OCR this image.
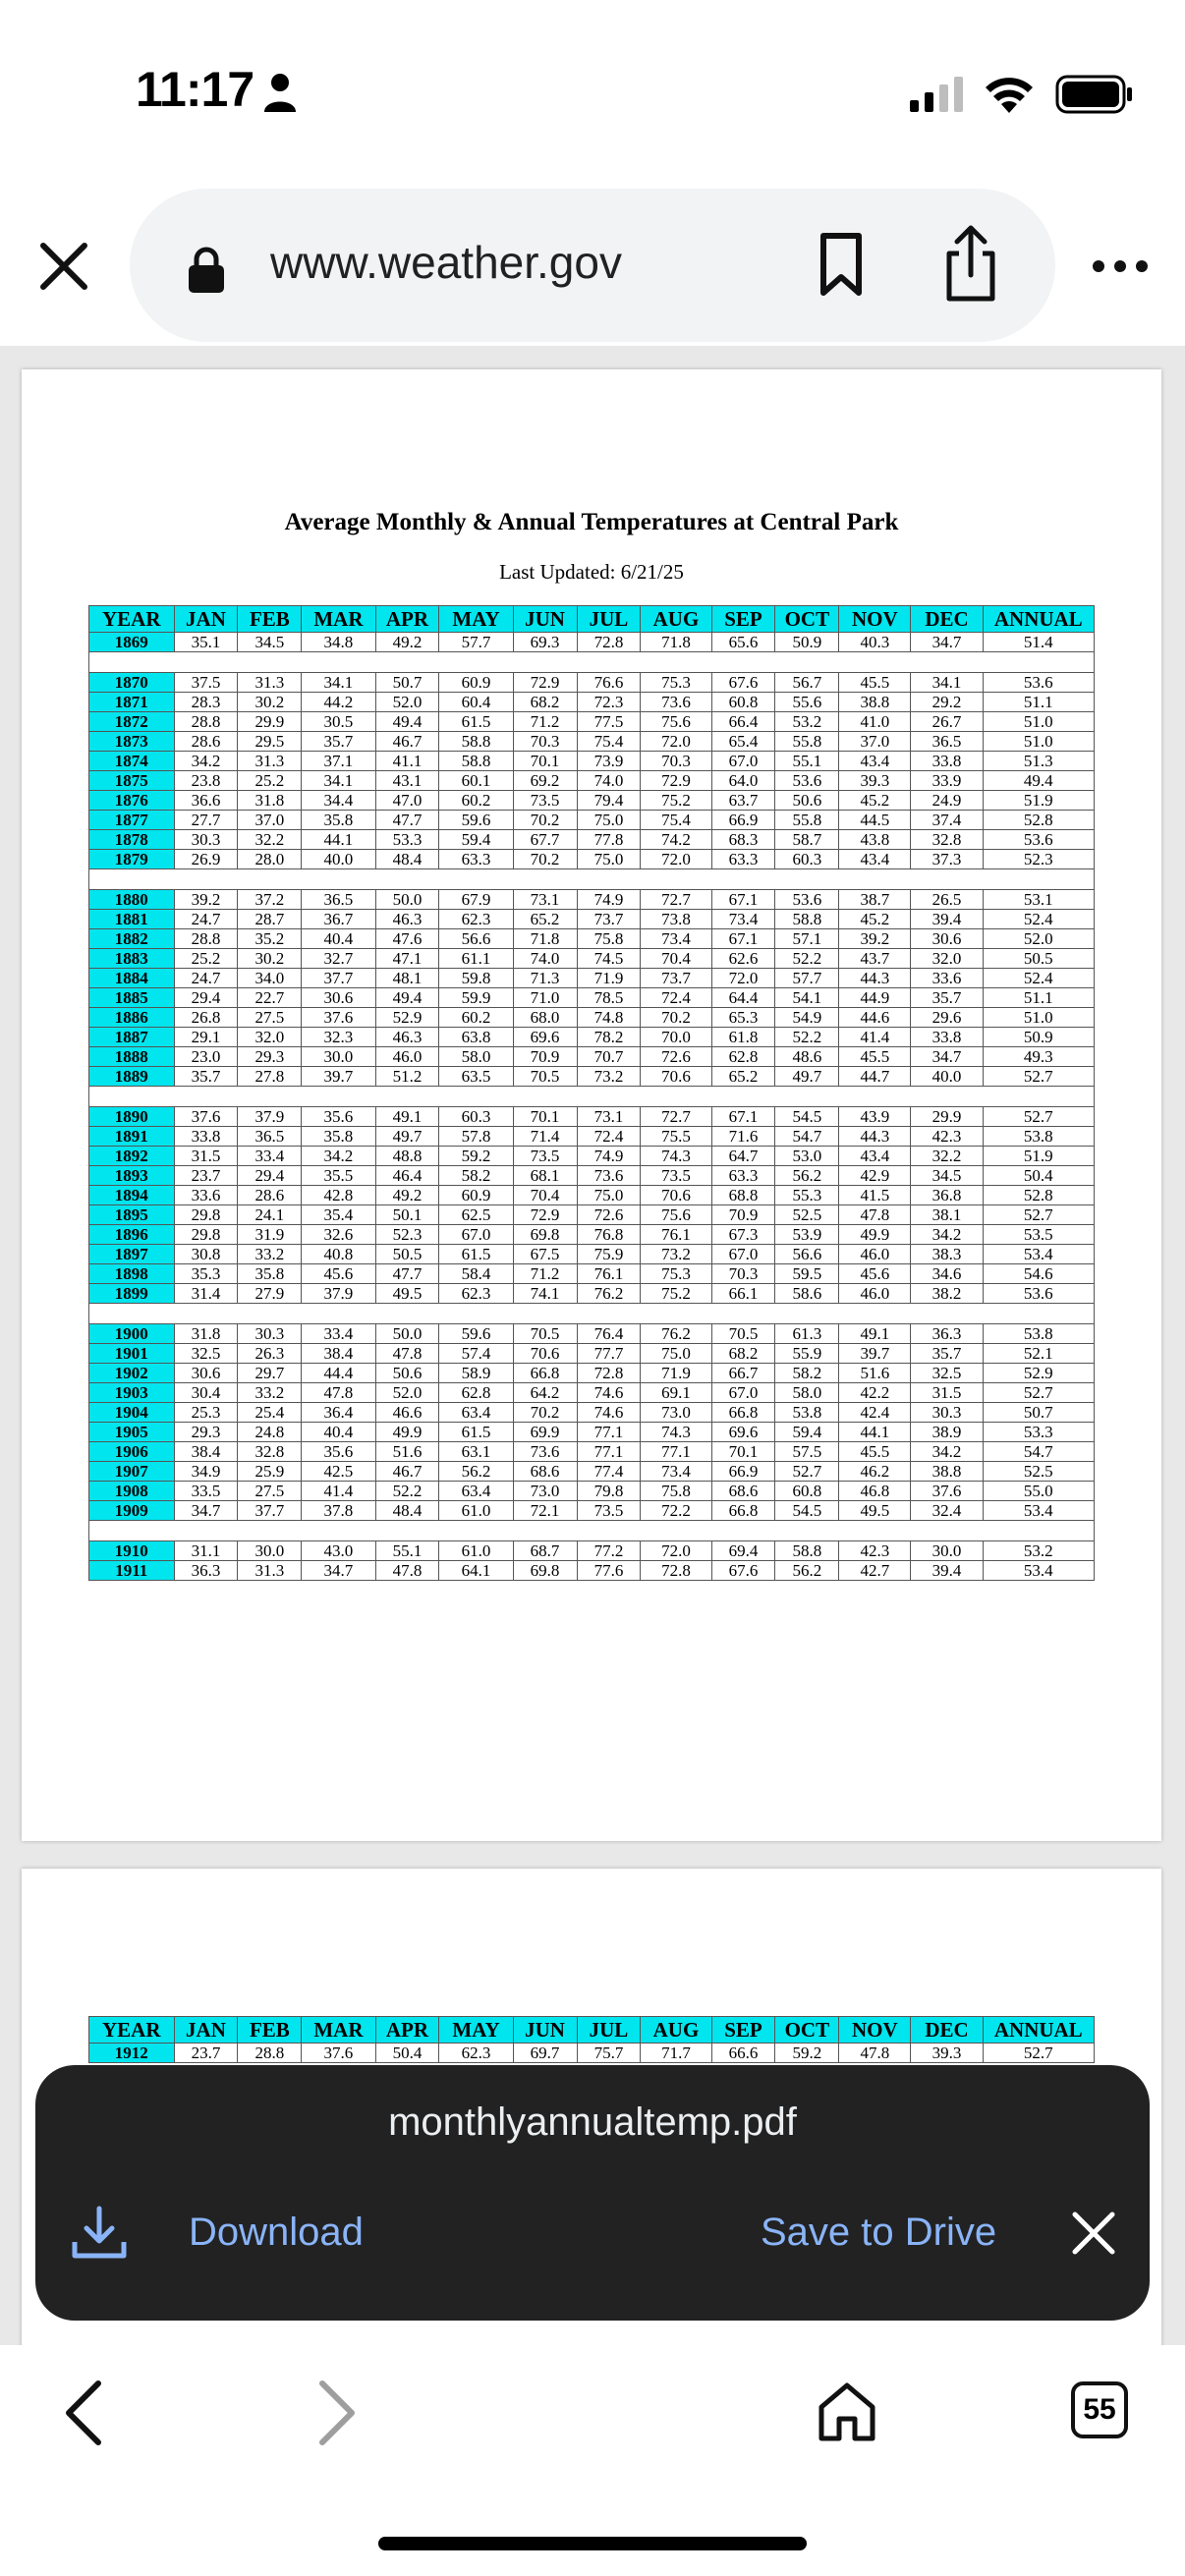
11:17
www.weather.gov
Average Monthly & Annual Temperatures at Central Park
Last Updated: 6/21/25
YEAR	JAN	FEB	MAR	APR	MAY	JUN	JUL	AUG	SEP	OCT	NOV	DEC	ANNUAL
1869	35.1	34.5	34.8	49.2	57.7	69.3	72.8	71.8	65.6	50.9	40.3	34.7	51.4

1870	37.5	31.3	34.1	50.7	60.9	72.9	76.6	75.3	67.6	56.7	45.5	34.1	53.6
1871	28.3	30.2	44.2	52.0	60.4	68.2	72.3	73.6	60.8	55.6	38.8	29.2	51.1
1872	28.8	29.9	30.5	49.4	61.5	71.2	77.5	75.6	66.4	53.2	41.0	26.7	51.0
1873	28.6	29.5	35.7	46.7	58.8	70.3	75.4	72.0	65.4	55.8	37.0	36.5	51.0
1874	34.2	31.3	37.1	41.1	58.8	70.1	73.9	70.3	67.0	55.1	43.4	33.8	51.3
1875	23.8	25.2	34.1	43.1	60.1	69.2	74.0	72.9	64.0	53.6	39.3	33.9	49.4
1876	36.6	31.8	34.4	47.0	60.2	73.5	79.4	75.2	63.7	50.6	45.2	24.9	51.9
1877	27.7	37.0	35.8	47.7	59.6	70.2	75.0	75.4	66.9	55.8	44.5	37.4	52.8
1878	30.3	32.2	44.1	53.3	59.4	67.7	77.8	74.2	68.3	58.7	43.8	32.8	53.6
1879	26.9	28.0	40.0	48.4	63.3	70.2	75.0	72.0	63.3	60.3	43.4	37.3	52.3

1880	39.2	37.2	36.5	50.0	67.9	73.1	74.9	72.7	67.1	53.6	38.7	26.5	53.1
1881	24.7	28.7	36.7	46.3	62.3	65.2	73.7	73.8	73.4	58.8	45.2	39.4	52.4
1882	28.8	35.2	40.4	47.6	56.6	71.8	75.8	73.4	67.1	57.1	39.2	30.6	52.0
1883	25.2	30.2	32.7	47.1	61.1	74.0	74.5	70.4	62.6	52.2	43.7	32.0	50.5
1884	24.7	34.0	37.7	48.1	59.8	71.3	71.9	73.7	72.0	57.7	44.3	33.6	52.4
1885	29.4	22.7	30.6	49.4	59.9	71.0	78.5	72.4	64.4	54.1	44.9	35.7	51.1
1886	26.8	27.5	37.6	52.9	60.2	68.0	74.8	70.2	65.3	54.9	44.6	29.6	51.0
1887	29.1	32.0	32.3	46.3	63.8	69.6	78.2	70.0	61.8	52.2	41.4	33.8	50.9
1888	23.0	29.3	30.0	46.0	58.0	70.9	70.7	72.6	62.8	48.6	45.5	34.7	49.3
1889	35.7	27.8	39.7	51.2	63.5	70.5	73.2	70.6	65.2	49.7	44.7	40.0	52.7

1890	37.6	37.9	35.6	49.1	60.3	70.1	73.1	72.7	67.1	54.5	43.9	29.9	52.7
1891	33.8	36.5	35.8	49.7	57.8	71.4	72.4	75.5	71.6	54.7	44.3	42.3	53.8
1892	31.5	33.4	34.2	48.8	59.2	73.5	74.9	74.3	64.7	53.0	43.4	32.2	51.9
1893	23.7	29.4	35.5	46.4	58.2	68.1	73.6	73.5	63.3	56.2	42.9	34.5	50.4
1894	33.6	28.6	42.8	49.2	60.9	70.4	75.0	70.6	68.8	55.3	41.5	36.8	52.8
1895	29.8	24.1	35.4	50.1	62.5	72.9	72.6	75.6	70.9	52.5	47.8	38.1	52.7
1896	29.8	31.9	32.6	52.3	67.0	69.8	76.8	76.1	67.3	53.9	49.9	34.2	53.5
1897	30.8	33.2	40.8	50.5	61.5	67.5	75.9	73.2	67.0	56.6	46.0	38.3	53.4
1898	35.3	35.8	45.6	47.7	58.4	71.2	76.1	75.3	70.3	59.5	45.6	34.6	54.6
1899	31.4	27.9	37.9	49.5	62.3	74.1	76.2	75.2	66.1	58.6	46.0	38.2	53.6

1900	31.8	30.3	33.4	50.0	59.6	70.5	76.4	76.2	70.5	61.3	49.1	36.3	53.8
1901	32.5	26.3	38.4	47.8	57.4	70.6	77.7	75.0	68.2	55.9	39.7	35.7	52.1
1902	30.6	29.7	44.4	50.6	58.9	66.8	72.8	71.9	66.7	58.2	51.6	32.5	52.9
1903	30.4	33.2	47.8	52.0	62.8	64.2	74.6	69.1	67.0	58.0	42.2	31.5	52.7
1904	25.3	25.4	36.4	46.6	63.4	70.2	74.6	73.0	66.8	53.8	42.4	30.3	50.7
1905	29.3	24.8	40.4	49.9	61.5	69.9	77.1	74.3	69.6	59.4	44.1	38.9	53.3
1906	38.4	32.8	35.6	51.6	63.1	73.6	77.1	77.1	70.1	57.5	45.5	34.2	54.7
1907	34.9	25.9	42.5	46.7	56.2	68.6	77.4	73.4	66.9	52.7	46.2	38.8	52.5
1908	33.5	27.5	41.4	52.2	63.4	73.0	79.8	75.8	68.6	60.8	46.8	37.6	55.0
1909	34.7	37.7	37.8	48.4	61.0	72.1	73.5	72.2	66.8	54.5	49.5	32.4	53.4

1910	31.1	30.0	43.0	55.1	61.0	68.7	77.2	72.0	69.4	58.8	42.3	30.0	53.2
1911	36.3	31.3	34.7	47.8	64.1	69.8	77.6	72.8	67.6	56.2	42.7	39.4	53.4
YEAR	JAN	FEB	MAR	APR	MAY	JUN	JUL	AUG	SEP	OCT	NOV	DEC	ANNUAL
1912	23.7	28.8	37.6	50.4	62.3	69.7	75.7	71.7	66.6	59.2	47.8	39.3	52.7

monthlyannualtemp.pdf
Download	Save to Drive
55
